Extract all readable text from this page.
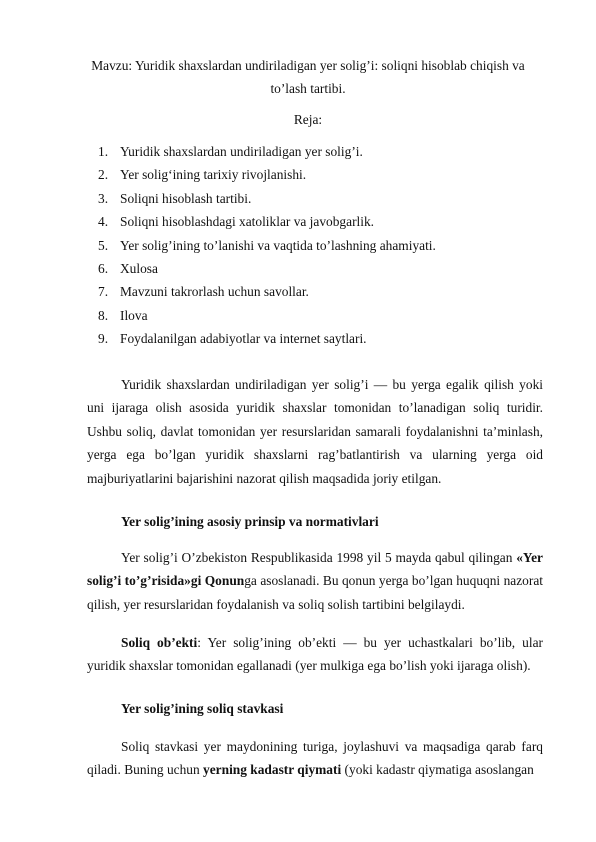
Mavzu: Yuridik shaxslardan undiriladigan yer solig’i: soliqni hisoblab chiqish va to’lash tartibi.
Reja:
1. Yuridik shaxslardan undiriladigan yer solig’i.
2. Yer solig‘ining tarixiy rivojlanishi.
3. Soliqni hisoblash tartibi.
4. Soliqni hisoblashdagi xatoliklar va javobgarlik.
5. Yer solig’ining to’lanishi va vaqtida to’lashning ahamiyati.
6. Xulosa
7. Mavzuni takrorlash uchun savollar.
8. Ilova
9. Foydalanilgan adabiyotlar va internet saytlari.

Yuridik shaxslardan undiriladigan yer solig’i — bu yerga egalik qilish yoki uni ijaraga olish asosida yuridik shaxslar tomonidan to’lanadigan soliq turidir. Ushbu soliq, davlat tomonidan yer resurslaridan samarali foydalanishni ta’minlash, yerga ega bo’lgan yuridik shaxslarni rag’batlantirish va ularning yerga oid majburiyatlarini bajarishini nazorat qilish maqsadida joriy etilgan.

Yer solig’ining asosiy prinsip va normativlari

Yer solig’i O’zbekiston Respublikasida 1998 yil 5 mayda qabul qilingan «Yer solig’i to’g’risida»gi Qonunga asoslanadi. Bu qonun yerga bo’lgan huquqni nazorat qilish, yer resurslaridan foydalanish va soliq solish tartibini belgilaydi.

Soliq ob’ekti: Yer solig’ining ob’ekti — bu yer uchastkalari bo’lib, ular yuridik shaxslar tomonidan egallanadi (yer mulkiga ega bo’lish yoki ijaraga olish).

Yer solig’ining soliq stavkasi

Soliq stavkasi yer maydonining turiga, joylashuvi va maqsadiga qarab farq qiladi. Buning uchun yerning kadastr qiymati (yoki kadastr qiymatiga asoslangan
